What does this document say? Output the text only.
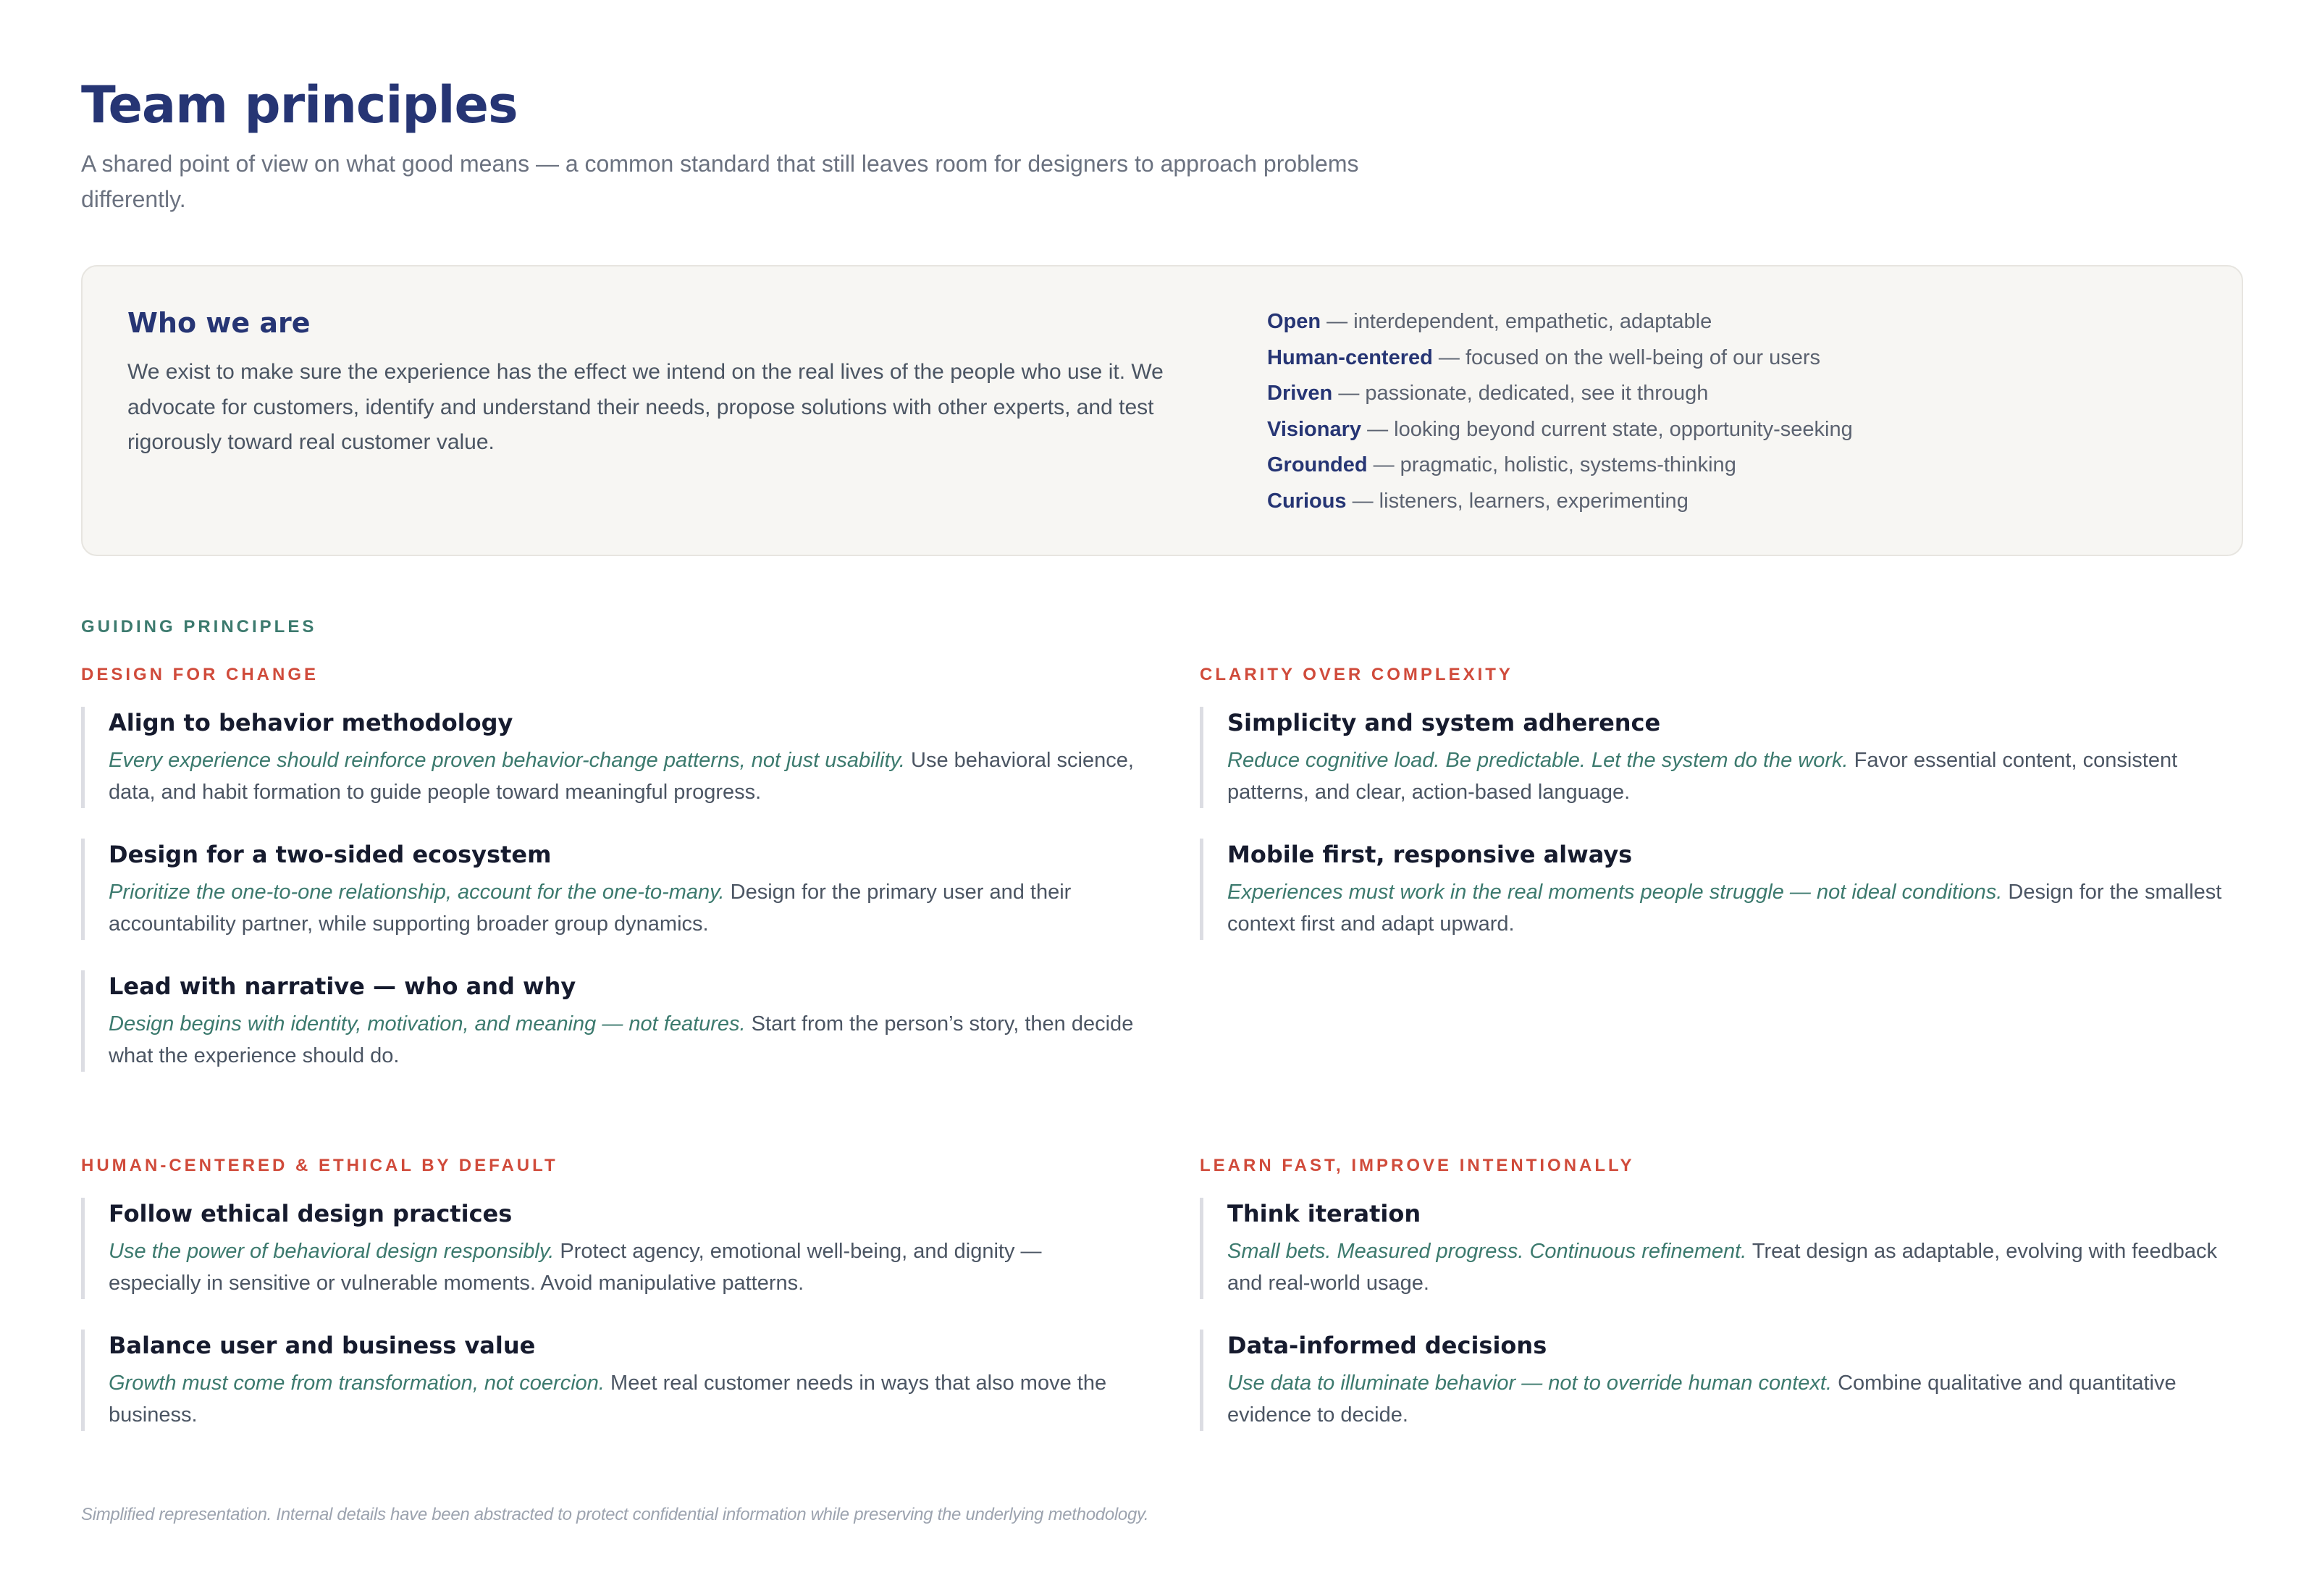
Team principles
A shared point of view on what good means — a common standard that still leaves room for designers to approach problems differently.
Who we are
We exist to make sure the experience has the effect we intend on the real lives of the people who use it. We advocate for customers, identify and understand their needs, propose solutions with other experts, and test rigorously toward real customer value.
Open — interdependent, empathetic, adaptable
Human-centered — focused on the well-being of our users
Driven — passionate, dedicated, see it through
Visionary — looking beyond current state, opportunity-seeking
Grounded — pragmatic, holistic, systems-thinking
Curious — listeners, learners, experimenting
GUIDING PRINCIPLES
DESIGN FOR CHANGE
Align to behavior methodology
Every experience should reinforce proven behavior-change patterns, not just usability. Use behavioral science, data, and habit formation to guide people toward meaningful progress.
Design for a two-sided ecosystem
Prioritize the one-to-one relationship, account for the one-to-many. Design for the primary user and their accountability partner, while supporting broader group dynamics.
Lead with narrative — who and why
Design begins with identity, motivation, and meaning — not features. Start from the person’s story, then decide what the experience should do.
CLARITY OVER COMPLEXITY
Simplicity and system adherence
Reduce cognitive load. Be predictable. Let the system do the work. Favor essential content, consistent patterns, and clear, action-based language.
Mobile first, responsive always
Experiences must work in the real moments people struggle — not ideal conditions. Design for the smallest context first and adapt upward.
HUMAN-CENTERED & ETHICAL BY DEFAULT
Follow ethical design practices
Use the power of behavioral design responsibly. Protect agency, emotional well-being, and dignity — especially in sensitive or vulnerable moments. Avoid manipulative patterns.
Balance user and business value
Growth must come from transformation, not coercion. Meet real customer needs in ways that also move the business.
LEARN FAST, IMPROVE INTENTIONALLY
Think iteration
Small bets. Measured progress. Continuous refinement. Treat design as adaptable, evolving with feedback and real-world usage.
Data-informed decisions
Use data to illuminate behavior — not to override human context. Combine qualitative and quantitative evidence to decide.
Simplified representation. Internal details have been abstracted to protect confidential information while preserving the underlying methodology.
